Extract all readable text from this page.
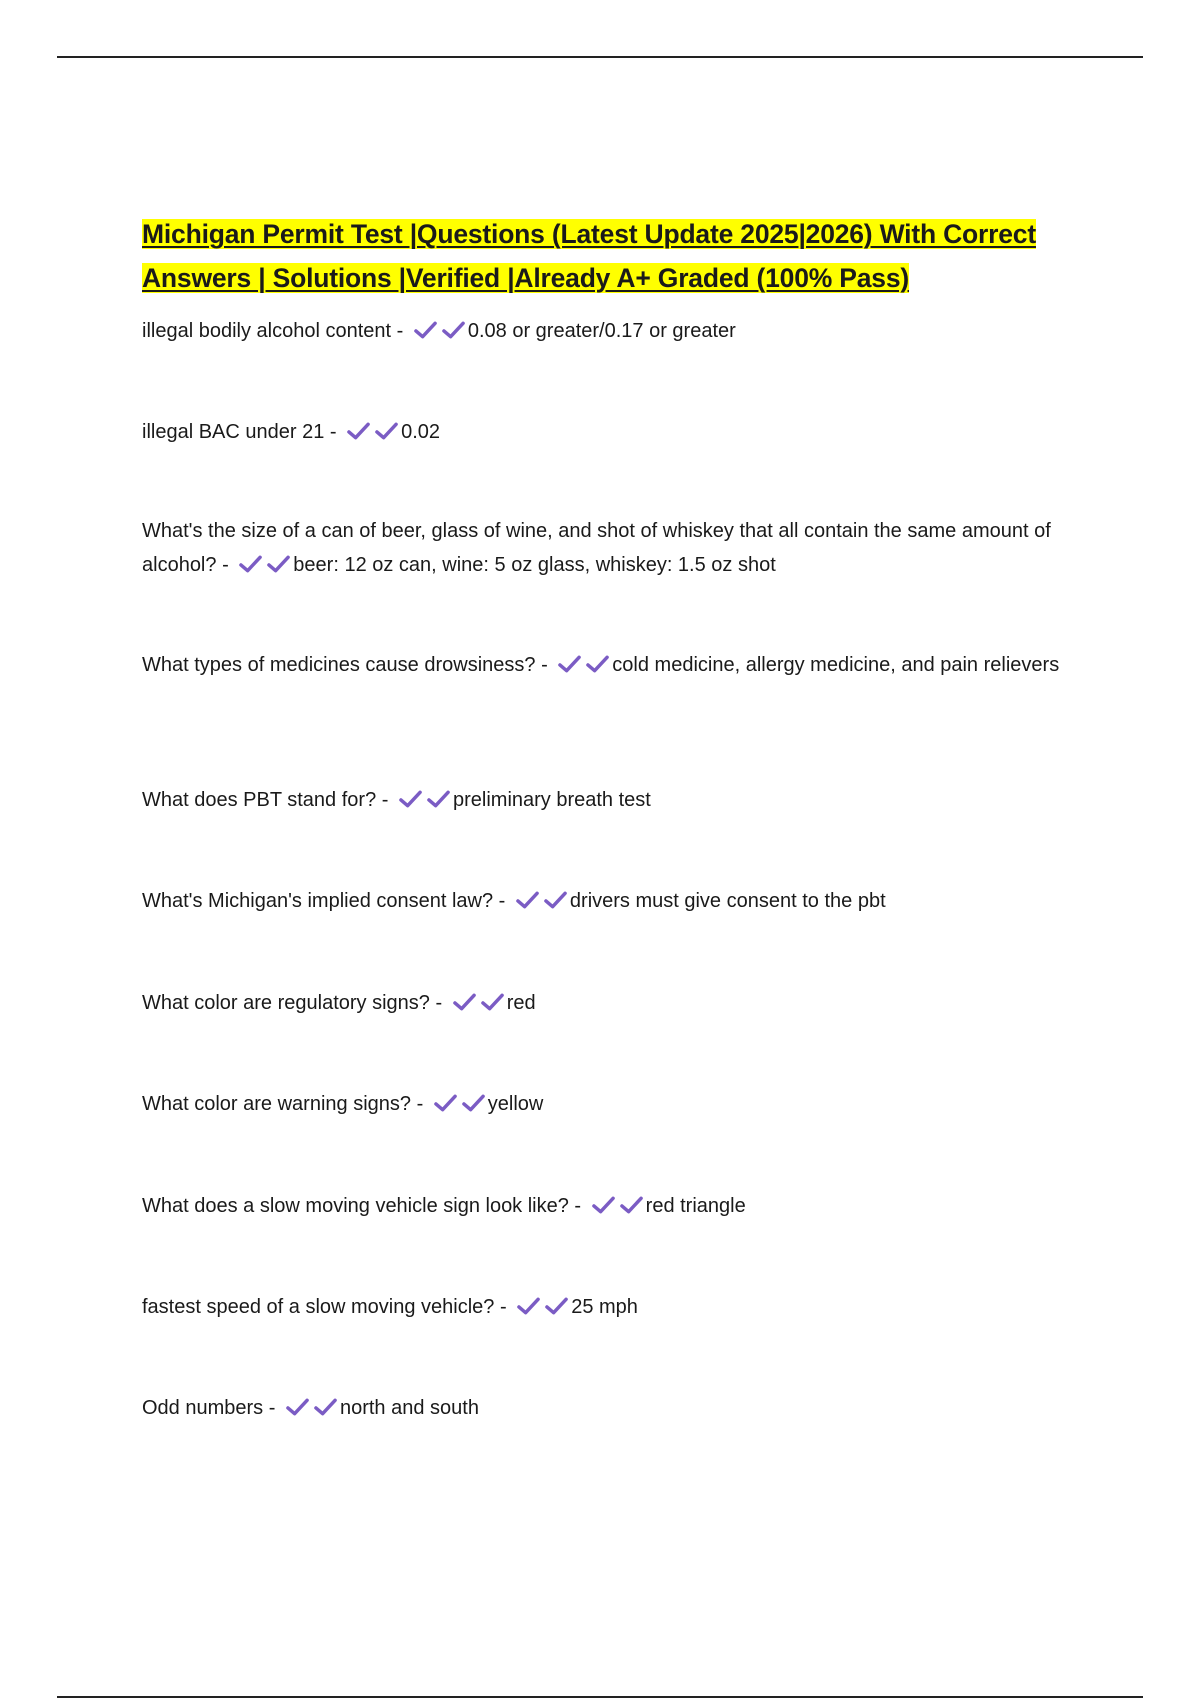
Michigan Permit Test |Questions (Latest Update 2025|2026) With Correct Answers | Solutions |Verified |Already A+ Graded (100% Pass)
illegal bodily alcohol content -	0.08 or greater/0.17 or greater
illegal BAC under 21 -	0.02
What's the size of a can of beer, glass of wine, and shot of whiskey that all contain the same amount of alcohol? -	beer: 12 oz can, wine: 5 oz glass, whiskey: 1.5 oz shot
What types of medicines cause drowsiness? -	cold medicine, allergy medicine, and pain relievers
What does PBT stand for? -	preliminary breath test
What's Michigan's implied consent law? -	drivers must give consent to the pbt
What color are regulatory signs? -	red
What color are warning signs? -	yellow
What does a slow moving vehicle sign look like? -	red triangle
fastest speed of a slow moving vehicle? -	25 mph
Odd numbers -	north and south
